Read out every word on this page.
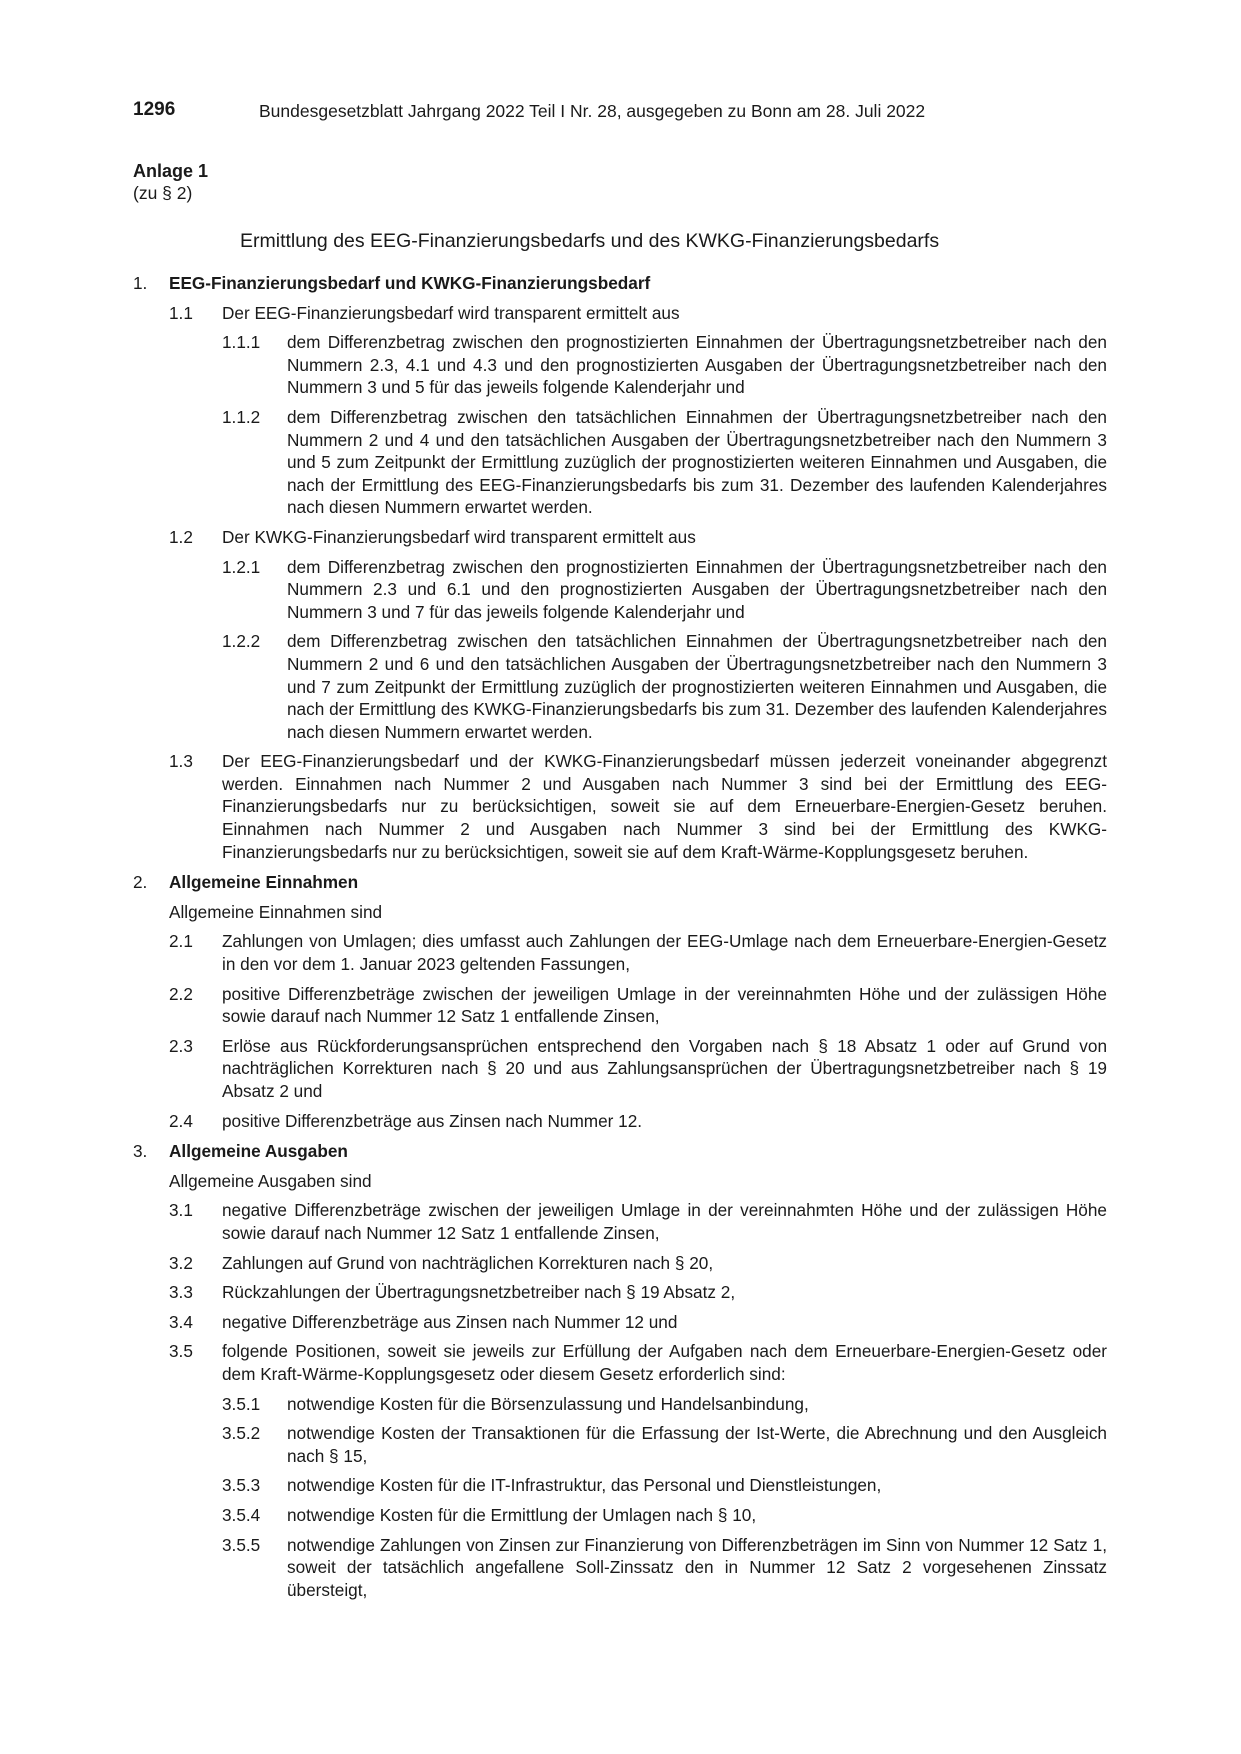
1296	Bundesgesetzblatt Jahrgang 2022 Teil I Nr. 28, ausgegeben zu Bonn am 28. Juli 2022
Anlage 1
(zu § 2)
Ermittlung des EEG-Finanzierungsbedarfs und des KWKG-Finanzierungsbedarfs
1. EEG-Finanzierungsbedarf und KWKG-Finanzierungsbedarf
1.1 Der EEG-Finanzierungsbedarf wird transparent ermittelt aus
1.1.1 dem Differenzbetrag zwischen den prognostizierten Einnahmen der Übertragungsnetzbetreiber nach den Nummern 2.3, 4.1 und 4.3 und den prognostizierten Ausgaben der Übertragungsnetzbetreiber nach den Nummern 3 und 5 für das jeweils folgende Kalenderjahr und
1.1.2 dem Differenzbetrag zwischen den tatsächlichen Einnahmen der Übertragungsnetzbetreiber nach den Nummern 2 und 4 und den tatsächlichen Ausgaben der Übertragungsnetzbetreiber nach den Nummern 3 und 5 zum Zeitpunkt der Ermittlung zuzüglich der prognostizierten weiteren Einnahmen und Ausgaben, die nach der Ermittlung des EEG-Finanzierungsbedarfs bis zum 31. Dezember des laufenden Kalenderjahres nach diesen Nummern erwartet werden.
1.2 Der KWKG-Finanzierungsbedarf wird transparent ermittelt aus
1.2.1 dem Differenzbetrag zwischen den prognostizierten Einnahmen der Übertragungsnetzbetreiber nach den Nummern 2.3 und 6.1 und den prognostizierten Ausgaben der Übertragungsnetzbetreiber nach den Nummern 3 und 7 für das jeweils folgende Kalenderjahr und
1.2.2 dem Differenzbetrag zwischen den tatsächlichen Einnahmen der Übertragungsnetzbetreiber nach den Nummern 2 und 6 und den tatsächlichen Ausgaben der Übertragungsnetzbetreiber nach den Nummern 3 und 7 zum Zeitpunkt der Ermittlung zuzüglich der prognostizierten weiteren Einnahmen und Ausgaben, die nach der Ermittlung des KWKG-Finanzierungsbedarfs bis zum 31. Dezember des laufenden Kalenderjahres nach diesen Nummern erwartet werden.
1.3 Der EEG-Finanzierungsbedarf und der KWKG-Finanzierungsbedarf müssen jederzeit voneinander abgegrenzt werden. Einnahmen nach Nummer 2 und Ausgaben nach Nummer 3 sind bei der Ermittlung des EEG-Finanzierungsbedarfs nur zu berücksichtigen, soweit sie auf dem Erneuerbare-Energien-Gesetz beruhen. Einnahmen nach Nummer 2 und Ausgaben nach Nummer 3 sind bei der Ermittlung des KWKG-Finanzierungsbedarfs nur zu berücksichtigen, soweit sie auf dem Kraft-Wärme-Kopplungsgesetz beruhen.
2. Allgemeine Einnahmen
Allgemeine Einnahmen sind
2.1 Zahlungen von Umlagen; dies umfasst auch Zahlungen der EEG-Umlage nach dem Erneuerbare-Energien-Gesetz in den vor dem 1. Januar 2023 geltenden Fassungen,
2.2 positive Differenzbeträge zwischen der jeweiligen Umlage in der vereinnahmten Höhe und der zulässigen Höhe sowie darauf nach Nummer 12 Satz 1 entfallende Zinsen,
2.3 Erlöse aus Rückforderungsansprüchen entsprechend den Vorgaben nach § 18 Absatz 1 oder auf Grund von nachträglichen Korrekturen nach § 20 und aus Zahlungsansprüchen der Übertragungsnetzbetreiber nach § 19 Absatz 2 und
2.4 positive Differenzbeträge aus Zinsen nach Nummer 12.
3. Allgemeine Ausgaben
Allgemeine Ausgaben sind
3.1 negative Differenzbeträge zwischen der jeweiligen Umlage in der vereinnahmten Höhe und der zulässigen Höhe sowie darauf nach Nummer 12 Satz 1 entfallende Zinsen,
3.2 Zahlungen auf Grund von nachträglichen Korrekturen nach § 20,
3.3 Rückzahlungen der Übertragungsnetzbetreiber nach § 19 Absatz 2,
3.4 negative Differenzbeträge aus Zinsen nach Nummer 12 und
3.5 folgende Positionen, soweit sie jeweils zur Erfüllung der Aufgaben nach dem Erneuerbare-Energien-Gesetz oder dem Kraft-Wärme-Kopplungsgesetz oder diesem Gesetz erforderlich sind:
3.5.1 notwendige Kosten für die Börsenzulassung und Handelsanbindung,
3.5.2 notwendige Kosten der Transaktionen für die Erfassung der Ist-Werte, die Abrechnung und den Ausgleich nach § 15,
3.5.3 notwendige Kosten für die IT-Infrastruktur, das Personal und Dienstleistungen,
3.5.4 notwendige Kosten für die Ermittlung der Umlagen nach § 10,
3.5.5 notwendige Zahlungen von Zinsen zur Finanzierung von Differenzbeträgen im Sinn von Nummer 12 Satz 1, soweit der tatsächlich angefallene Soll-Zinssatz den in Nummer 12 Satz 2 vorgesehenen Zinssatz übersteigt,
